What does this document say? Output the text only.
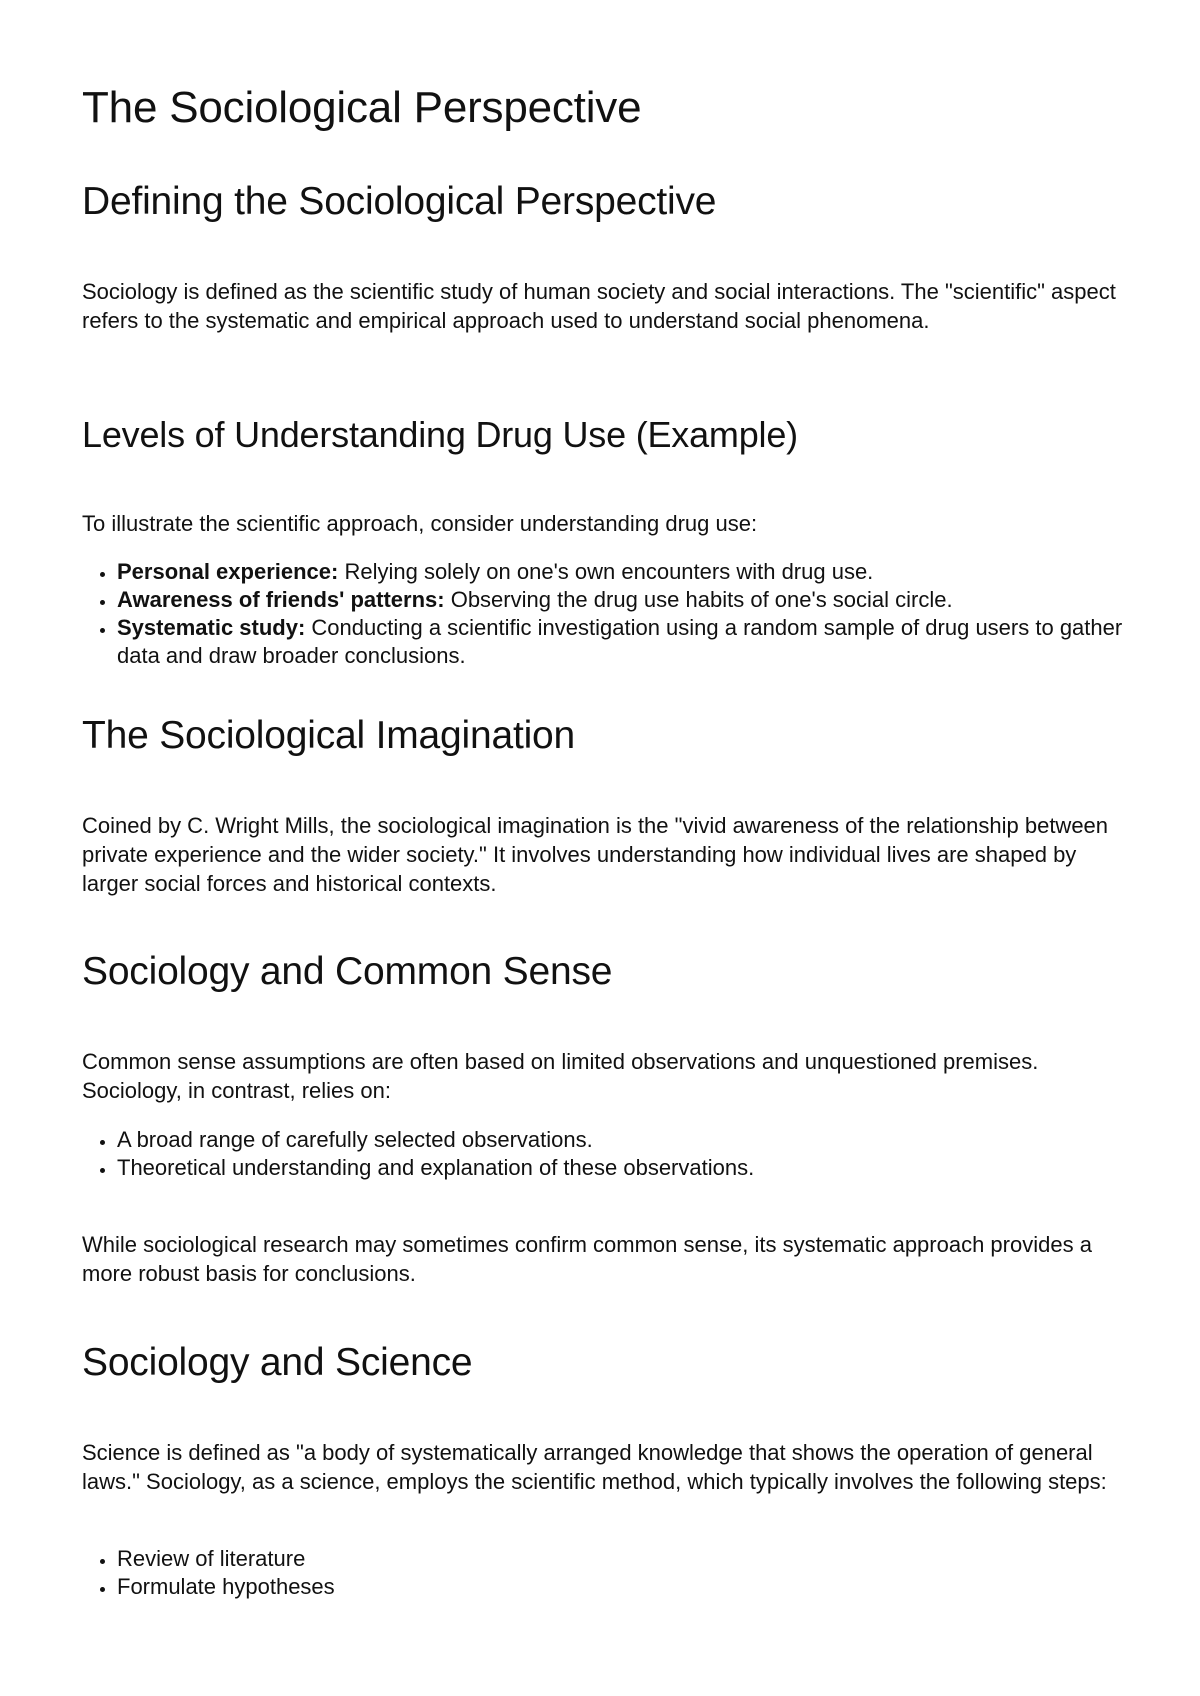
The Sociological Perspective
Defining the Sociological Perspective

Sociology is defined as the scientific study of human society and social interactions. The "scientific" aspect refers to the systematic and empirical approach used to understand social phenomena.

Levels of Understanding Drug Use (Example)

To illustrate the scientific approach, consider understanding drug use:

• Personal experience: Relying solely on one's own encounters with drug use.
• Awareness of friends' patterns: Observing the drug use habits of one's social circle.
• Systematic study: Conducting a scientific investigation using a random sample of drug users to gather data and draw broader conclusions.
The Sociological Imagination

Coined by C. Wright Mills, the sociological imagination is the "vivid awareness of the relationship between private experience and the wider society." It involves understanding how individual lives are shaped by larger social forces and historical contexts.

Sociology and Common Sense

Common sense assumptions are often based on limited observations and unquestioned premises. Sociology, in contrast, relies on:

• A broad range of carefully selected observations.
• Theoretical understanding and explanation of these observations.

While sociological research may sometimes confirm common sense, its systematic approach provides a more robust basis for conclusions.

Sociology and Science

Science is defined as "a body of systematically arranged knowledge that shows the operation of general laws." Sociology, as a science, employs the scientific method, which typically involves the following steps:

• Review of literature
• Formulate hypotheses
